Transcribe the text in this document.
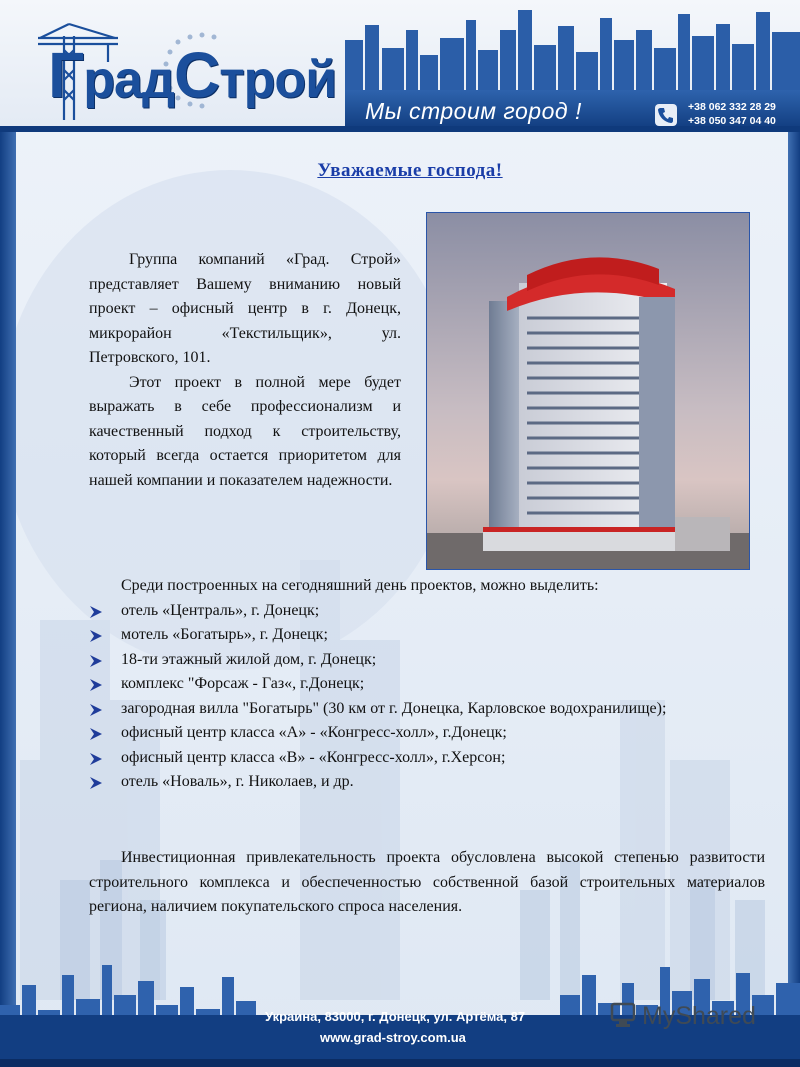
ГрадСтрой
Мы строим город !	+38 062 332 28 29
+38 050 347 04 40
Уважаемые господа!

Группа компаний «Град. Строй» представляет Вашему вниманию новый проект – офисный центр в г. Донецк, микрорайон «Текстильщик», ул. Петровского, 101.

Этот проект в полной мере будет выражать в себе профессионализм и качественный подход к строительству, который всегда остается приоритетом для нашей компании и показателем надежности.

Среди построенных на сегодняшний день проектов, можно выделить:

отель «Централь», г. Донецк;
мотель «Богатырь», г. Донецк;
18-ти этажный жилой дом, г. Донецк;
комплекс "Форсаж - Газ«, г.Донецк;
загородная вилла "Богатырь" (30 км от г. Донецка, Карловское водохранилище);
офисный центр класса «А» - «Конгресс-холл», г.Донецк;
офисный центр класса «В» - «Конгресс-холл», г.Херсон;
отель «Новаль», г. Николаев, и др.

Инвестиционная привлекательность проекта обусловлена высокой степенью развитости строительного комплекса и обеспеченностью собственной базой строительных материалов региона, наличием покупательского спроса населения.

Украина, 83000, г. Донецк, ул. Артёма, 87
www.grad-stroy.com.ua
MyShared
